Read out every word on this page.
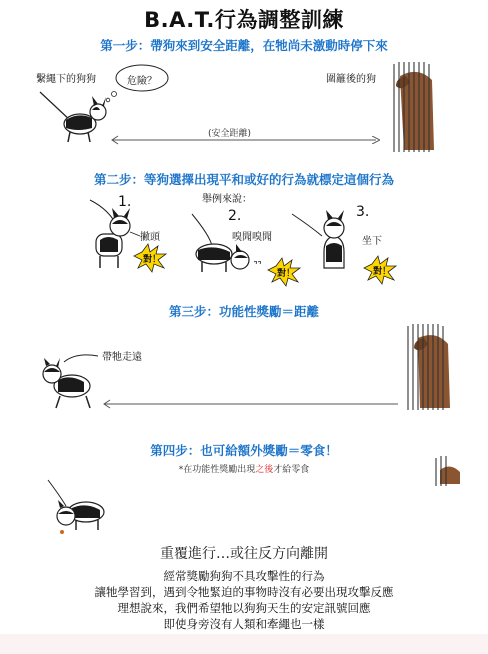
B.A.T.行為調整訓練
第一步：帶狗來到安全距離，在牠尚未激動時停下來
第二步：等狗選擇出現平和或好的行為就標定這個行為
第三步：功能性獎勵＝距離
第四步：也可給額外獎勵＝零食！
繫繩下的狗狗	危險？	圍籬後的狗
(安全距離)
舉例來說：
1.
撇頭
對！
2.
嗅聞嗅聞
對！
3.
坐下
對！
帶牠走遠
*在功能性獎勵出現之後才給零食
重覆進行…或往反方向離開
經常獎勵狗狗不具攻擊性的行為
讓牠學習到，遇到令牠緊迫的事物時沒有必要出現攻擊反應
理想說來，我們希望牠以狗狗天生的安定訊號回應
即使身旁沒有人類和牽繩也一樣
